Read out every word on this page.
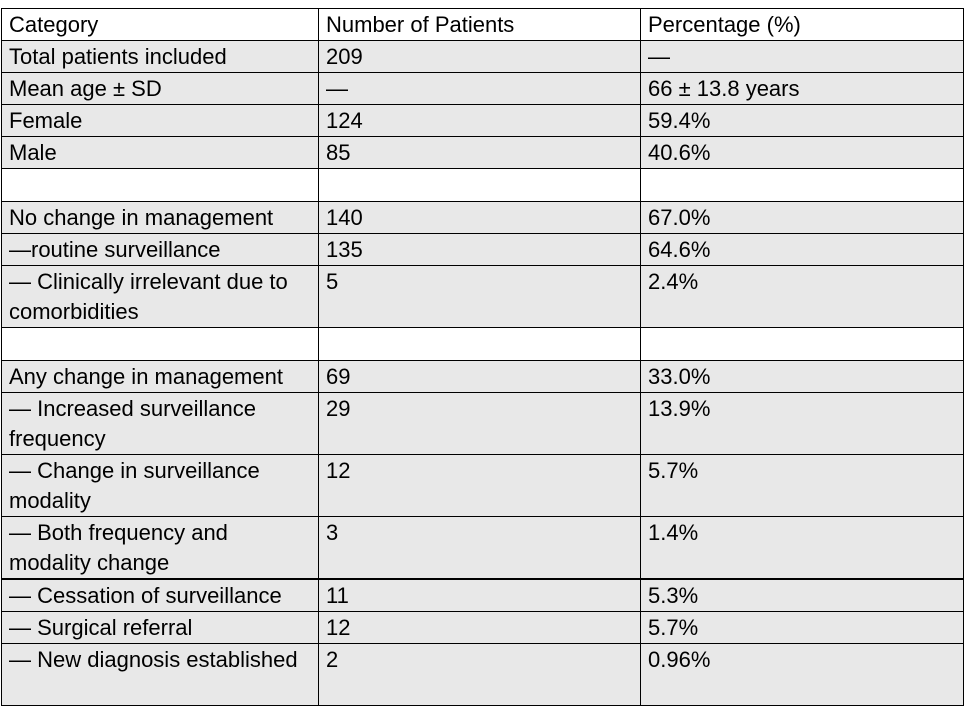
Category	Number of Patients	Percentage (%)
Total patients included	209	—
Mean age ± SD	—	66 ± 13.8 years
Female	124	59.4%
Male	85	40.6%

No change in management	140	67.0%
—routine surveillance	135	64.6%
— Clinically irrelevant due to comorbidities	5	2.4%

Any change in management	69	33.0%
— Increased surveillance frequency	29	13.9%
— Change in surveillance modality	12	5.7%
— Both frequency and modality change	3	1.4%
— Cessation of surveillance	11	5.3%
— Surgical referral	12	5.7%
— New diagnosis established	2	0.96%
